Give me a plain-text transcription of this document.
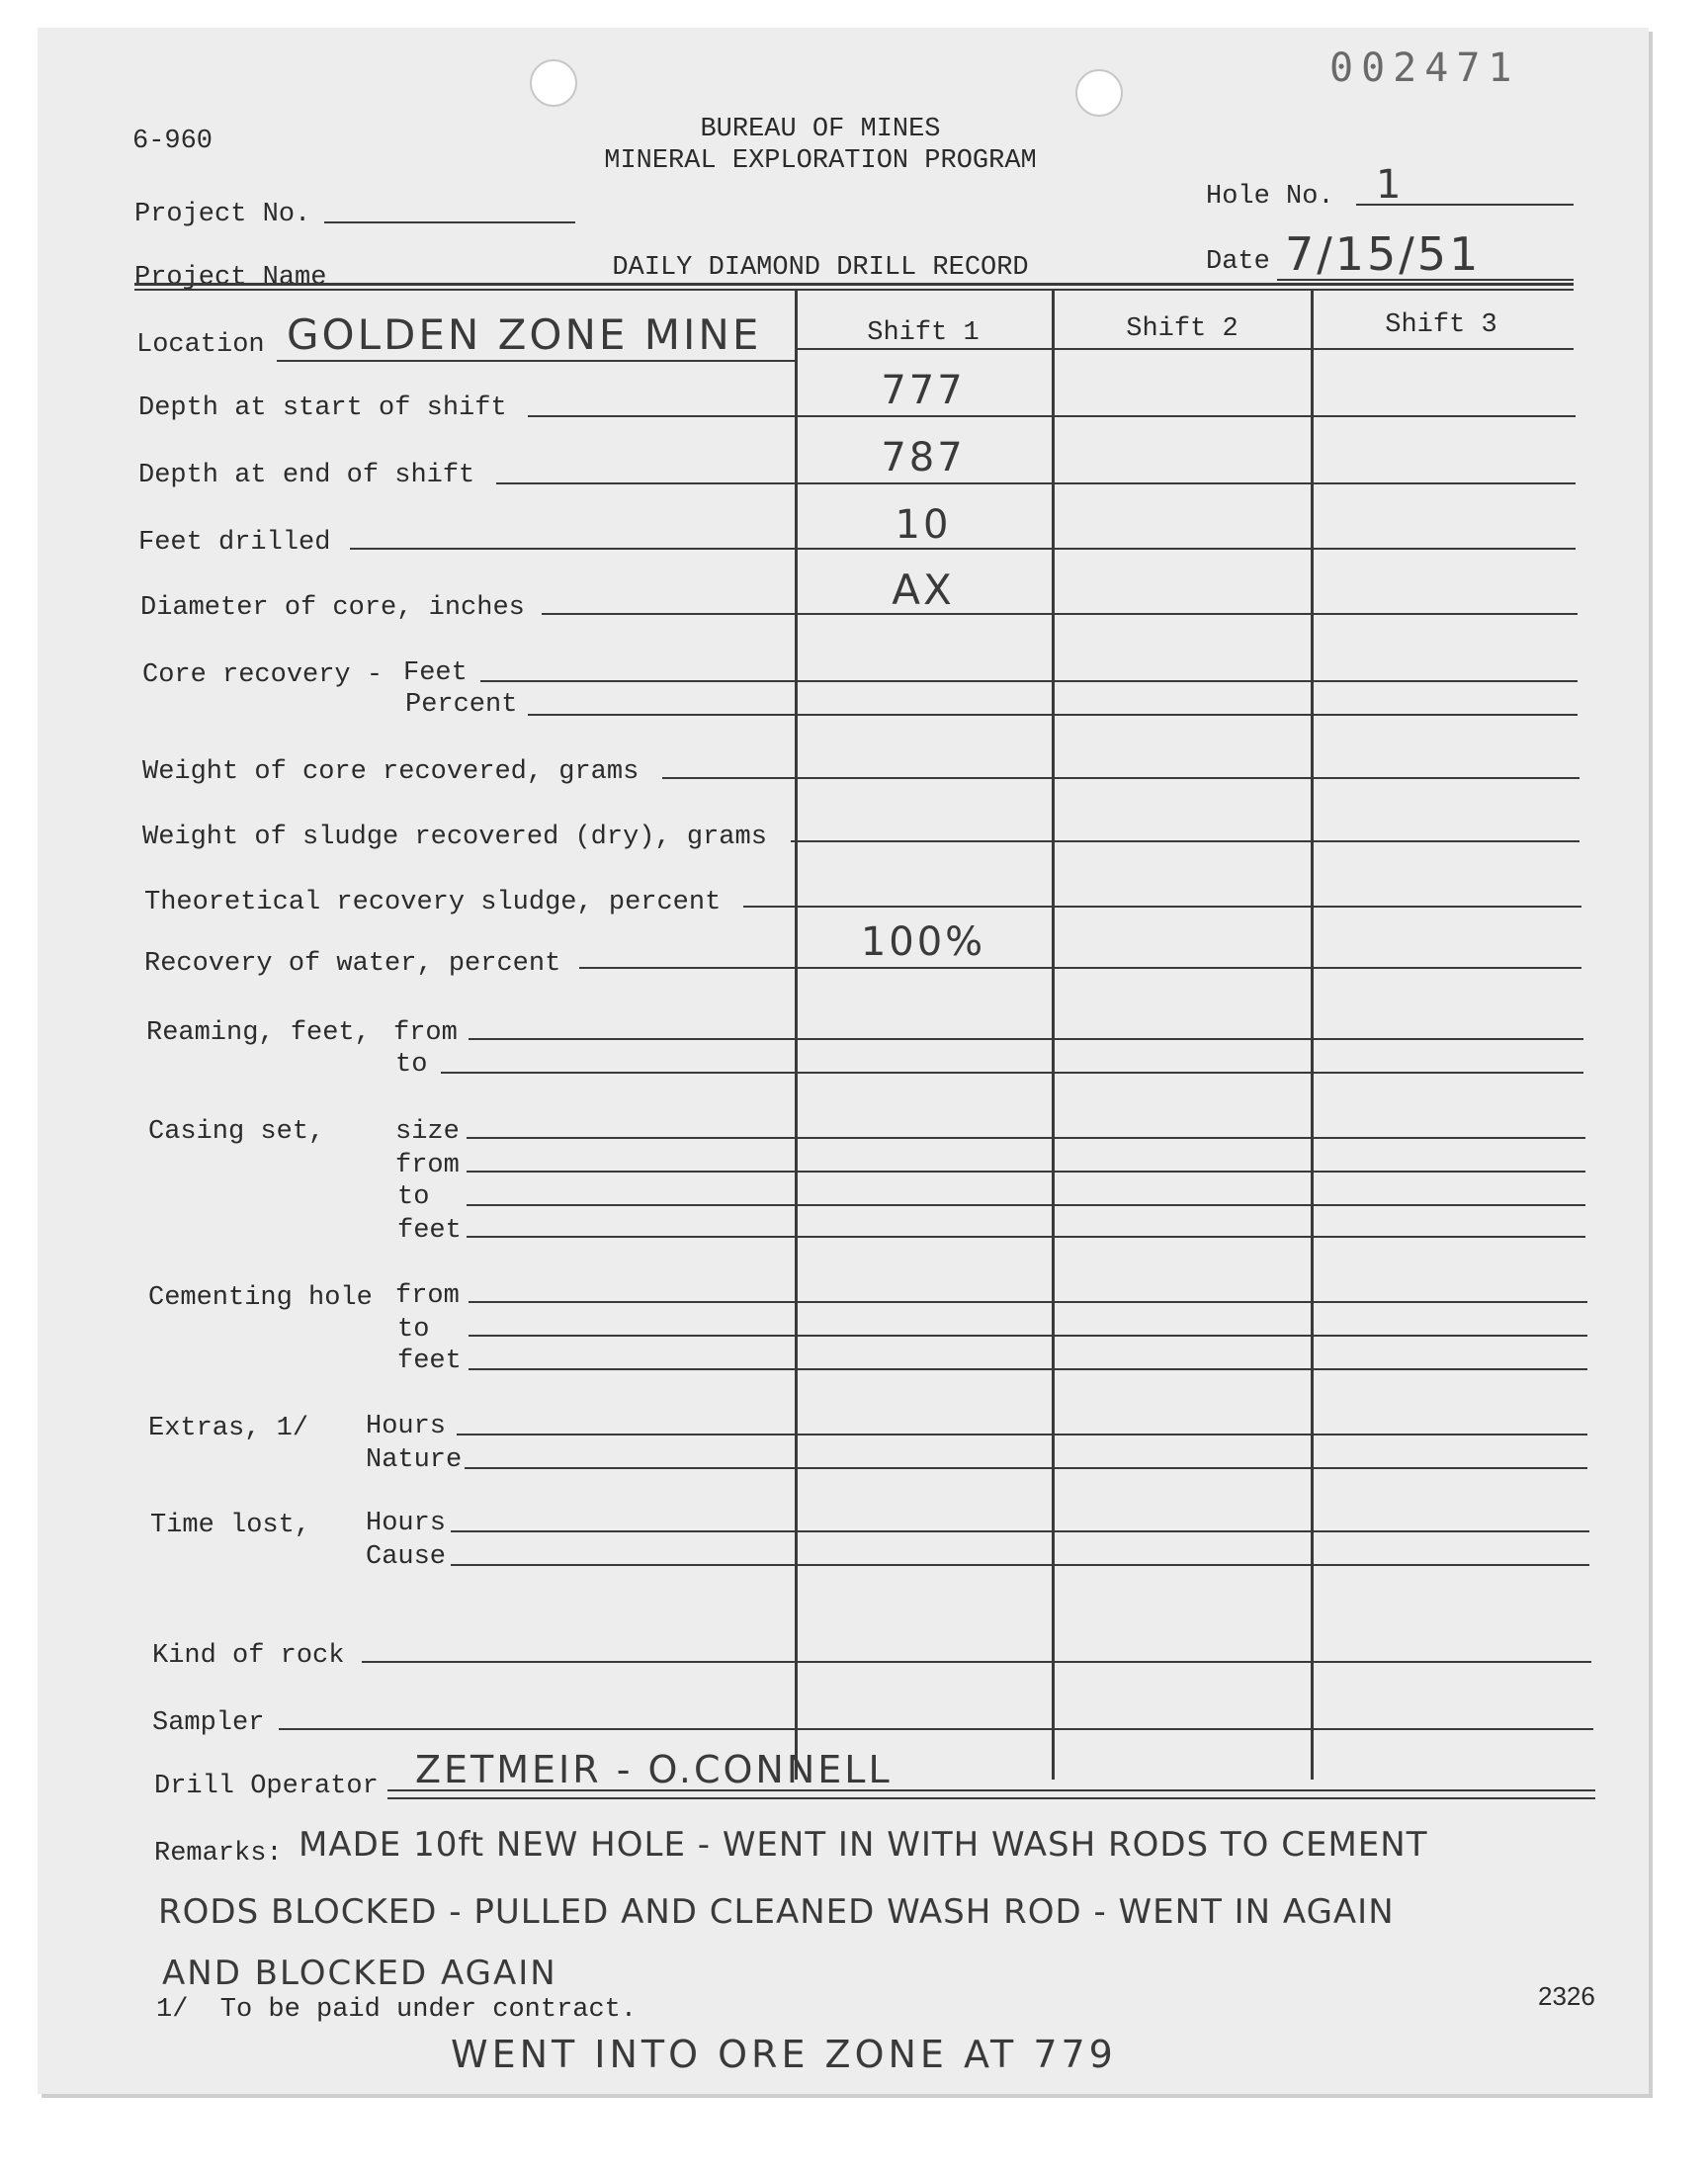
002471
6-960	BUREAU OF MINES
MINERAL EXPLORATION PROGRAM
DAILY DIAMOND DRILL RECORD
Project No.
Hole No. 1
Project Name
Date 7/15/51
Shift 1	Shift 2	Shift 3
Location GOLDEN ZONE MINE
Depth at start of shift	777
Depth at end of shift	787
Feet drilled	10
Diameter of core, inches	AX
Core recovery - Feet
Percent
Weight of core recovered, grams
Weight of sludge recovered (dry), grams
Theoretical recovery sludge, percent
Recovery of water, percent	100%
Reaming, feet, from
to
Casing set,	size
from
to
feet
Cementing hole from
to
feet
Extras, 1/ Hours
Nature
Time lost, Hours
Cause
Kind of rock
Sampler
Drill Operator ZETMEIR - O.CONNELL
Remarks: MADE 10ft NEW HOLE - WENT IN WITH WASH RODS TO CEMENT
RODS BLOCKED - PULLED AND CLEANED WASH ROD - WENT IN AGAIN
AND BLOCKED AGAIN
1/  To be paid under contract.	2326
WENT INTO ORE ZONE AT 779
